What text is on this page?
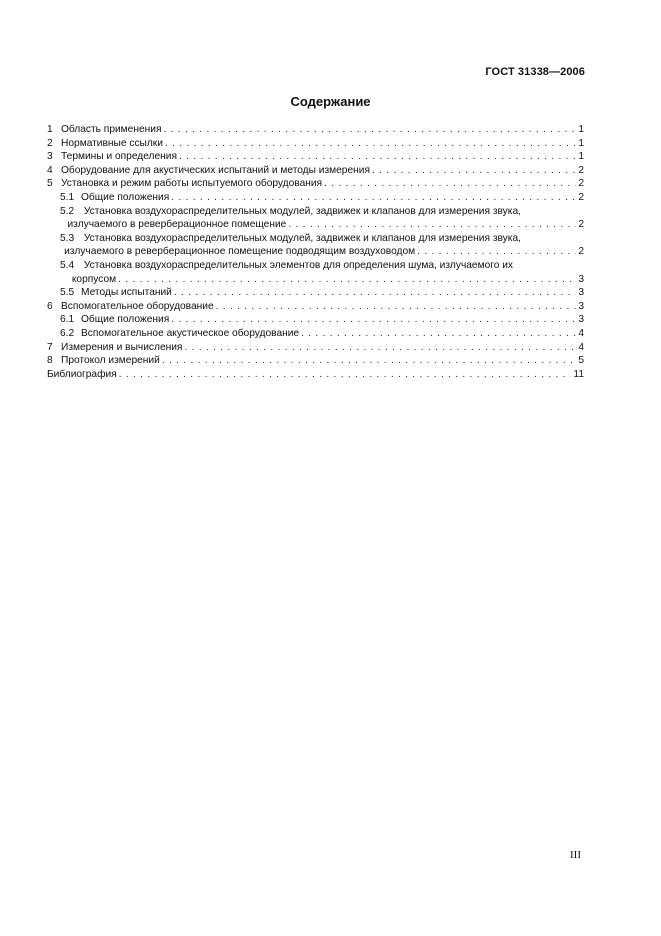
ГОСТ 31338—2006
Содержание
1 Область применения . . .	1
2 Нормативные ссылки . . .	1
3 Термины и определения . . .	1
4 Оборудование для акустических испытаний и методы измерения . . .	2
5 Установка и режим работы испытуемого оборудования . . .	2
5.1 Общие положения . . .	2
5.2 Установка воздухораспределительных модулей, задвижек и клапанов для измерения звука,
излучаемого в реверберационное помещение . . .	2
5.3 Установка воздухораспределительных модулей, задвижек и клапанов для измерения звука,
излучаемого в реверберационное помещение подводящим воздуховодом . . .	2
5.4 Установка воздухораспределительных элементов для определения шума, излучаемого их
корпусом . . .	3
5.5 Методы испытаний . . .	3
6 Вспомогательное оборудование . . .	3
6.1 Общие положения . . .	3
6.2 Вспомогательное акустическое оборудование . . .	4
7 Измерения и вычисления . . .	4
8 Протокол измерений . . .	5
Библиография . . .	11
III
